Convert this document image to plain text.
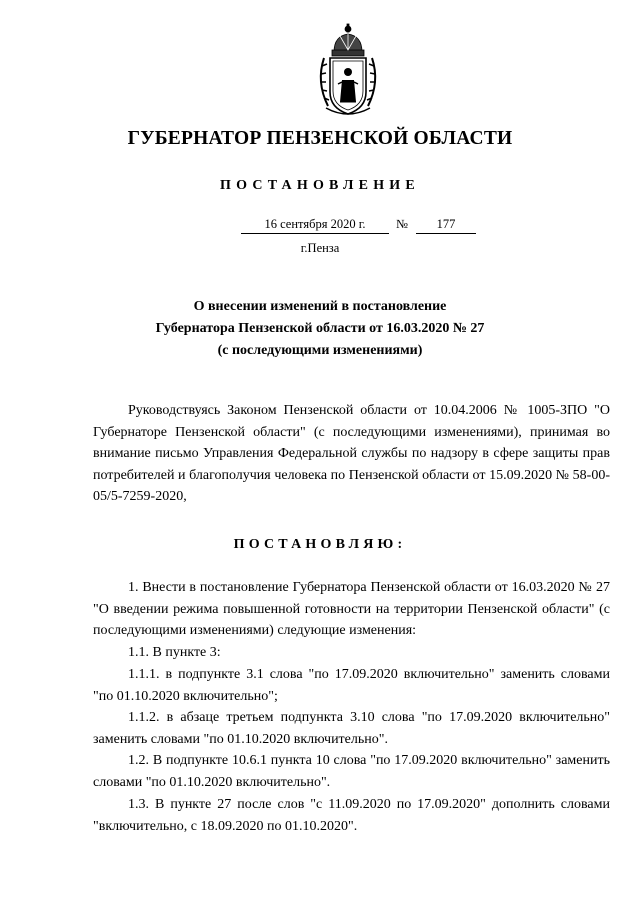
ГУБЕРНАТОР ПЕНЗЕНСКОЙ ОБЛАСТИ
ПОСТАНОВЛЕНИЕ
16 сентября 2020 г.	№	177
г.Пенза
О внесении изменений в постановление
Губернатора Пензенской области от 16.03.2020 № 27
(с последующими изменениями)

Руководствуясь Законом Пензенской области от 10.04.2006 № 1005-ЗПО "О Губернаторе Пензенской области" (с последующими изменениями), принимая во внимание письмо Управления Федеральной службы по надзору в сфере защиты прав потребителей и благополучия человека по Пензенской области от 15.09.2020 № 58-00-05/5-7259-2020,

ПОСТАНОВЛЯЮ:

1. Внести в постановление Губернатора Пензенской области от 16.03.2020 № 27 "О введении режима повышенной готовности на территории Пензенской области" (с последующими изменениями) следующие изменения:

1.1. В пункте 3:

1.1.1. в подпункте 3.1 слова "по 17.09.2020 включительно" заменить словами "по 01.10.2020 включительно";

1.1.2. в абзаце третьем подпункта 3.10 слова "по 17.09.2020 включительно" заменить словами "по 01.10.2020 включительно".

1.2. В подпункте 10.6.1 пункта 10 слова "по 17.09.2020 включительно" заменить словами "по 01.10.2020 включительно".

1.3. В пункте 27 после слов "с 11.09.2020 по 17.09.2020" дополнить словами "включительно, с 18.09.2020 по 01.10.2020".
